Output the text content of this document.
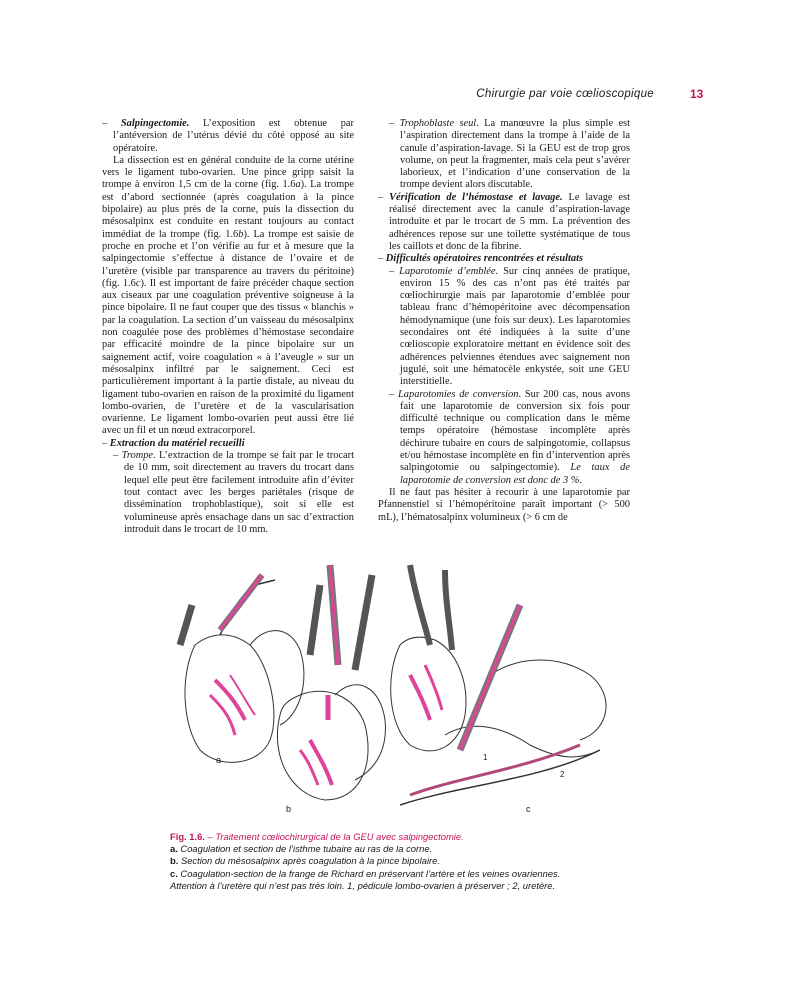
Chirurgie par voie cœlioscopique	13

– Salpingectomie. L’exposition est obtenue par l’antéversion de l’utérus dévié du côté opposé au site opératoire.

La dissection est en général conduite de la corne utérine vers le ligament tubo-ovarien. Une pince gripp saisit la trompe à environ 1,5 cm de la corne (fig. 1.6a). La trompe est d’abord sectionnée (après coagulation à la pince bipolaire) au plus près de la corne, puis la dissection du mésosalpinx est conduite en restant toujours au contact immédiat de la trompe (fig. 1.6b). La trompe est saisie de proche en proche et l’on vérifie au fur et à mesure que la salpingectomie s’effectue à distance de l’ovaire et de l’uretère (visible par transparence au travers du péritoine) (fig. 1.6c). Il est important de faire précéder chaque section aux ciseaux par une coagulation préventive soigneuse à la pince bipolaire. Il ne faut couper que des tissus « blanchis » par la coagulation. La section d’un vaisseau du mésosalpinx non coagulée pose des problèmes d’hémostase secondaire par efficacité moindre de la pince bipolaire sur un saignement actif, voire coagulation « à l’aveugle » sur un mésosalpinx infiltré par le saignement. Ceci est particulièrement important à la partie distale, au niveau du ligament tubo-ovarien en raison de la proximité du ligament lombo-ovarien, de l’uretère et de la vascularisation ovarienne. Le ligament lombo-ovarien peut aussi être lié avec un fil et un nœud extracorporel.

– Extraction du matériel recueilli

– Trompe. L’extraction de la trompe se fait par le trocart de 10 mm, soit directement au travers du trocart dans lequel elle peut être facilement introduite afin d’éviter tout contact avec les berges pariétales (risque de dissémination trophoblastique), soit si elle est volumineuse après ensachage dans un sac d’extraction introduit dans le trocart de 10 mm.

– Trophoblaste seul. La manœuvre la plus simple est l’aspiration directement dans la trompe à l’aide de la canule d’aspiration-lavage. Si la GEU est de trop gros volume, on peut la fragmenter, mais cela peut s’avérer laborieux, et l’indication d’une conservation de la trompe devient alors discutable.

– Vérification de l’hémostase et lavage. Le lavage est réalisé directement avec la canule d’aspiration-lavage introduite et par le trocart de 5 mm. La prévention des adhérences repose sur une toilette systématique de tous les caillots et donc de la fibrine.

– Difficultés opératoires rencontrées et résultats

– Laparotomie d’emblée. Sur cinq années de pratique, environ 15 % des cas n’ont pas été traités par cœliochirurgie mais par laparotomie d’emblée pour tableau franc d’hémopéritoine avec décompensation hémodynamique (une fois sur deux). Les laparotomies secondaires ont été indiquées à la suite d’une cœlioscopie exploratoire mettant en évidence soit des adhérences pelviennes étendues avec saignement non jugulé, soit une hématocèle enkystée, soit une GEU interstitielle.

– Laparotomies de conversion. Sur 200 cas, nous avons fait une laparotomie de conversion six fois pour difficulté technique ou complication dans le même temps opératoire (hémostase incomplète après déchirure tubaire en cours de salpingotomie, collapsus et/ou hémostase incomplète en fin d’intervention après salpingotomie ou salpingectomie). Le taux de laparotomie de conversion est donc de 3 %.

Il ne faut pas hésiter à recourir à une laparotomie par Pfannenstiel si l’hémopéritoine paraît important (> 500 mL), l’hématosalpinx volumineux (> 6 cm de

a
b	c
1
2

Fig. 1.6. – Traitement cœliochirurgical de la GEU avec salpingectomie.

a. Coagulation et section de l’isthme tubaire au ras de la corne.

b. Section du mésosalpinx après coagulation à la pince bipolaire.

c. Coagulation-section de la frange de Richard en préservant l’artère et les veines ovariennes.

Attention à l’uretère qui n’est pas très loin. 1, pédicule lombo-ovarien à préserver ; 2, uretère.
